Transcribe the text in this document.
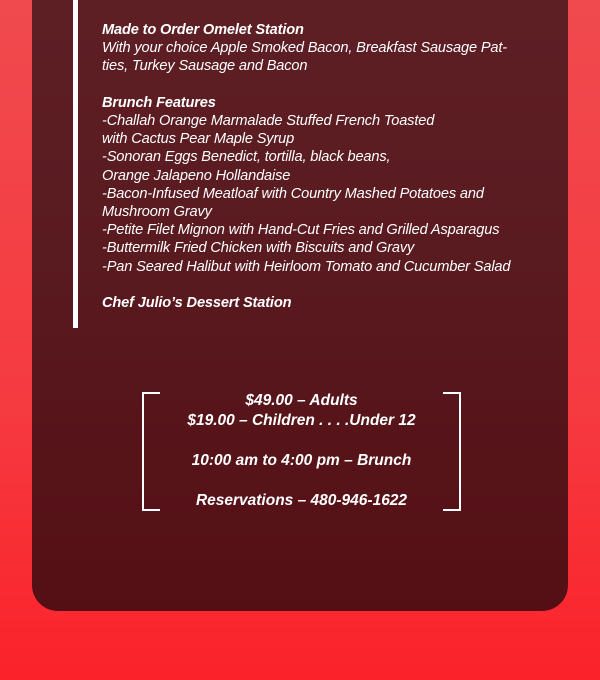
Made to Order Omelet Station

With your choice Apple Smoked Bacon, Breakfast Sausage Pat-

ties, Turkey Sausage and Bacon

Brunch Features

-Challah Orange Marmalade Stuffed French Toasted

with Cactus Pear Maple Syrup

-Sonoran Eggs Benedict, tortilla, black beans,

Orange Jalapeno Hollandaise

-Bacon-Infused Meatloaf with Country Mashed Potatoes and

Mushroom Gravy

-Petite Filet Mignon with Hand-Cut Fries and Grilled Asparagus

-Buttermilk Fried Chicken with Biscuits and Gravy

-Pan Seared Halibut with Heirloom Tomato and Cucumber Salad

Chef Julio’s Dessert Station

$49.00 – Adults

$19.00 – Children . . . .Under 12

10:00 am to 4:00 pm – Brunch

Reservations – 480-946-1622
